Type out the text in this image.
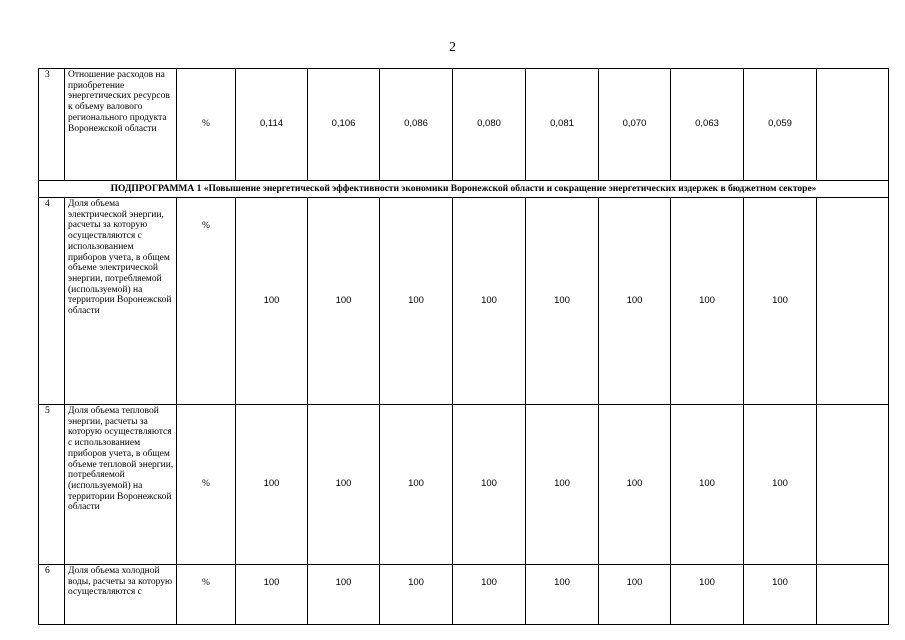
2
3	Отношение расходов на приобретение энергетических ресурсов к объему валового регионального продукта Воронежской области	%	0,114	0,106	0,086	0,080	0,081	0,070	0,063	0,059	
ПОДПРОГРАММА 1 «Повышение энергетической эффективности экономики Воронежской области и сокращение энергетических издержек в бюджетном секторе»											
4	Доля объема электрической энергии, расчеты за которую осуществляются с использованием приборов учета, в общем объеме электрической энергии, потребляемой (используемой) на территории Воронежской области	%	100	100	100	100	100	100	100	100	
5	Доля объема тепловой энергии, расчеты за которую осуществляются с использованием приборов учета, в общем объеме тепловой энергии, потребляемой (используемой) на территории Воронежской области	%	100	100	100	100	100	100	100	100	
6	Доля объема холодной воды, расчеты за которую осуществляются с	%	100	100	100	100	100	100	100	100	
